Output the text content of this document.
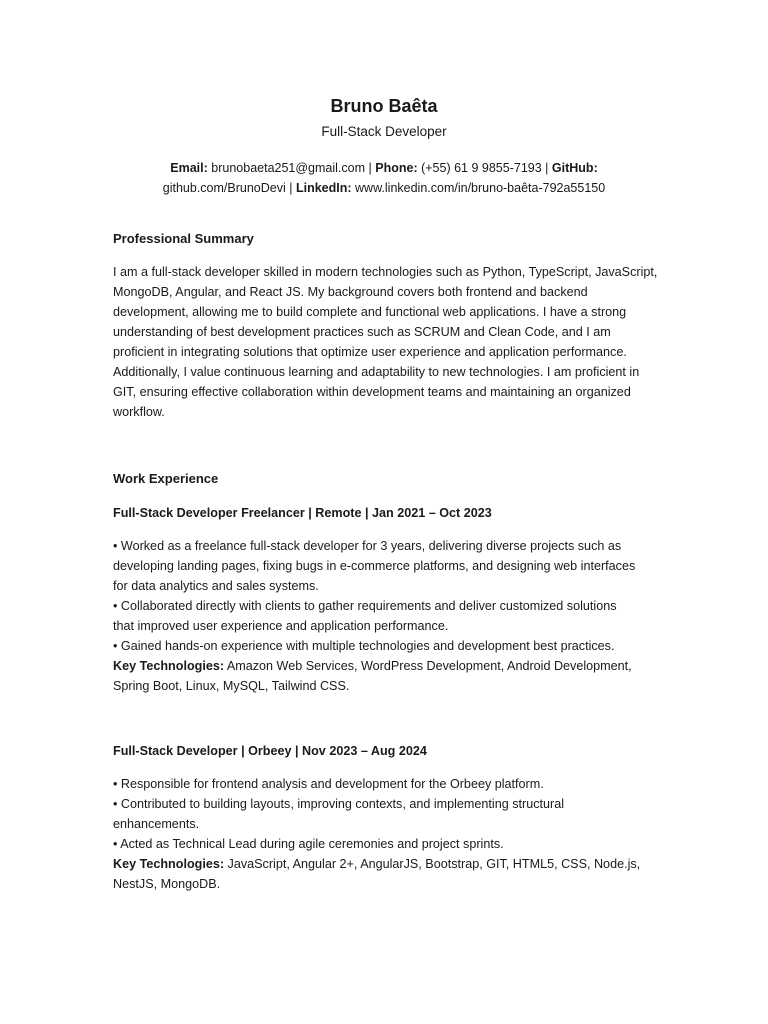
Bruno Baêta
Full-Stack Developer
Email: brunobaeta251@gmail.com | Phone: (+55) 61 9 9855-7193 | GitHub:
github.com/BrunoDevi | LinkedIn: www.linkedin.com/in/bruno-baêta-792a55150
Professional Summary
I am a full-stack developer skilled in modern technologies such as Python, TypeScript, JavaScript,
MongoDB, Angular, and React JS. My background covers both frontend and backend
development, allowing me to build complete and functional web applications. I have a strong
understanding of best development practices such as SCRUM and Clean Code, and I am
proficient in integrating solutions that optimize user experience and application performance.
Additionally, I value continuous learning and adaptability to new technologies. I am proficient in
GIT, ensuring effective collaboration within development teams and maintaining an organized
workflow.
Work Experience
Full-Stack Developer Freelancer | Remote | Jan 2021 – Oct 2023
• Worked as a freelance full-stack developer for 3 years, delivering diverse projects such as
developing landing pages, fixing bugs in e-commerce platforms, and designing web interfaces
for data analytics and sales systems.
• Collaborated directly with clients to gather requirements and deliver customized solutions
that improved user experience and application performance.
• Gained hands-on experience with multiple technologies and development best practices.
Key Technologies: Amazon Web Services, WordPress Development, Android Development,
Spring Boot, Linux, MySQL, Tailwind CSS.
Full-Stack Developer | Orbeey | Nov 2023 – Aug 2024
• Responsible for frontend analysis and development for the Orbeey platform.
• Contributed to building layouts, improving contexts, and implementing structural
enhancements.
• Acted as Technical Lead during agile ceremonies and project sprints.
Key Technologies: JavaScript, Angular 2+, AngularJS, Bootstrap, GIT, HTML5, CSS, Node.js,
NestJS, MongoDB.
